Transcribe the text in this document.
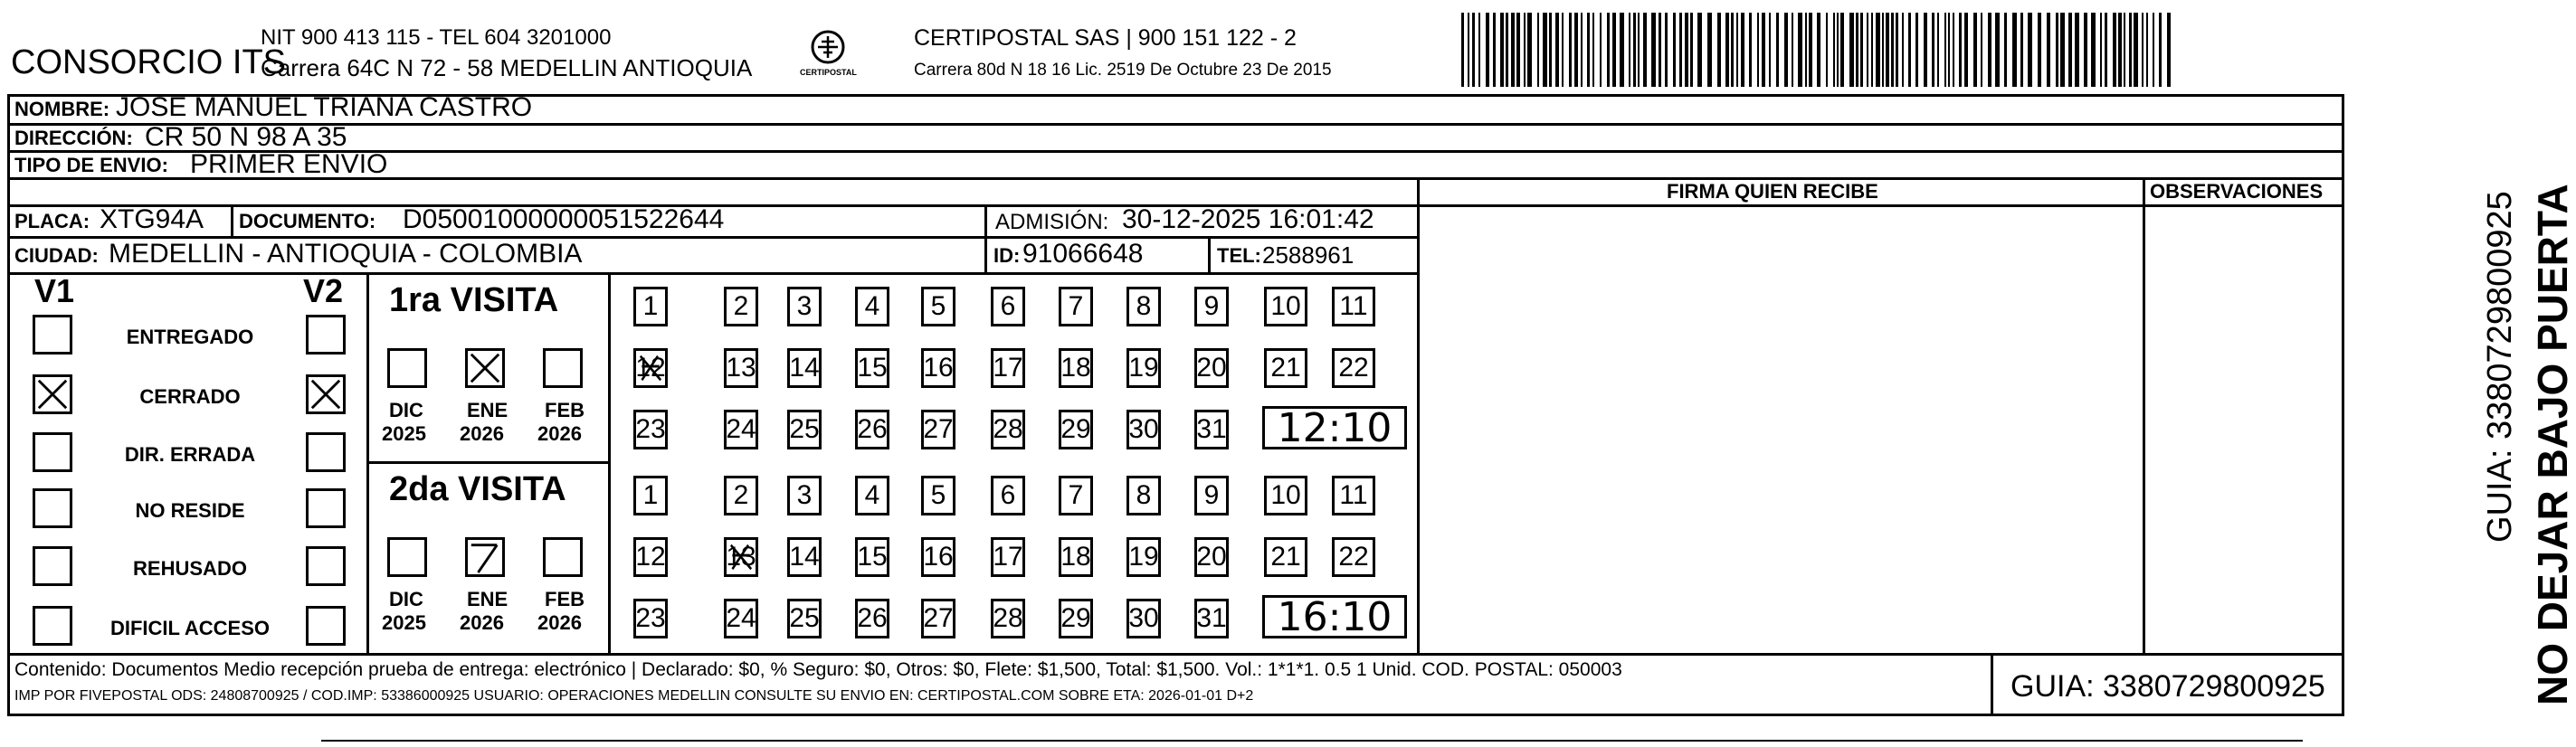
CONSORCIO ITS
NIT 900 413 115 - TEL 604 3201000
Carrera 64C N 72 - 58 MEDELLIN ANTIOQUIA	CERTIPOSTAL
CERTIPOSTAL SAS | 900 151 122 - 2
Carrera 80d N 18 16 Lic. 2519 De Octubre 23 De 2015
NOMBRE: JOSE MANUEL TRIANA CASTRO
DIRECCIÓN: CR 50 N 98 A 35
TIPO DE ENVIO: PRIMER ENVIO
FIRMA QUIEN RECIBE	OBSERVACIONES
PLACA: XTG94A DOCUMENTO: D05001000000051522644	ADMISIÓN: 30-12-2025 16:01:42
CIUDAD: MEDELLIN - ANTIOQUIA - COLOMBIA	ID: 91066648	TEL: 2588961
V1	V2
ENTREGADO
CERRADO
DIR. ERRADA
NO RESIDE
REHUSADO
DIFICIL ACCESO
1ra VISITA
DIC
2025
ENE
2026
FEB
2026
1	2	3	4	5	6	7	8	9	10 11
12 13 14 15 16 17 18 19 20 21 22
23 24 25 26 27 28 29 30 31	12:10
2da VISITA
DIC
2025
ENE
2026
FEB
2026
1	2	3	4	5	6	7	8	9	10 11
12 13 14 15 16 17 18 19 20 21 22
23 24 25 26 27 28 29 30 31	16:10
Contenido: Documentos Medio recepción prueba de entrega: electrónico | Declarado: $0, % Seguro: $0, Otros: $0, Flete: $1,500, Total: $1,500. Vol.: 1*1*1. 0.5 1 Unid. COD. POSTAL: 050003
IMP POR FIVEPOSTAL ODS: 24808700925 / COD.IMP: 53386000925 USUARIO: OPERACIONES MEDELLIN CONSULTE SU ENVIO EN: CERTIPOSTAL.COM SOBRE ETA: 2026-01-01 D+2	GUIA: 3380729800925	NO DEJAR BAJO PUERTA
GUIA: 3380729800925
